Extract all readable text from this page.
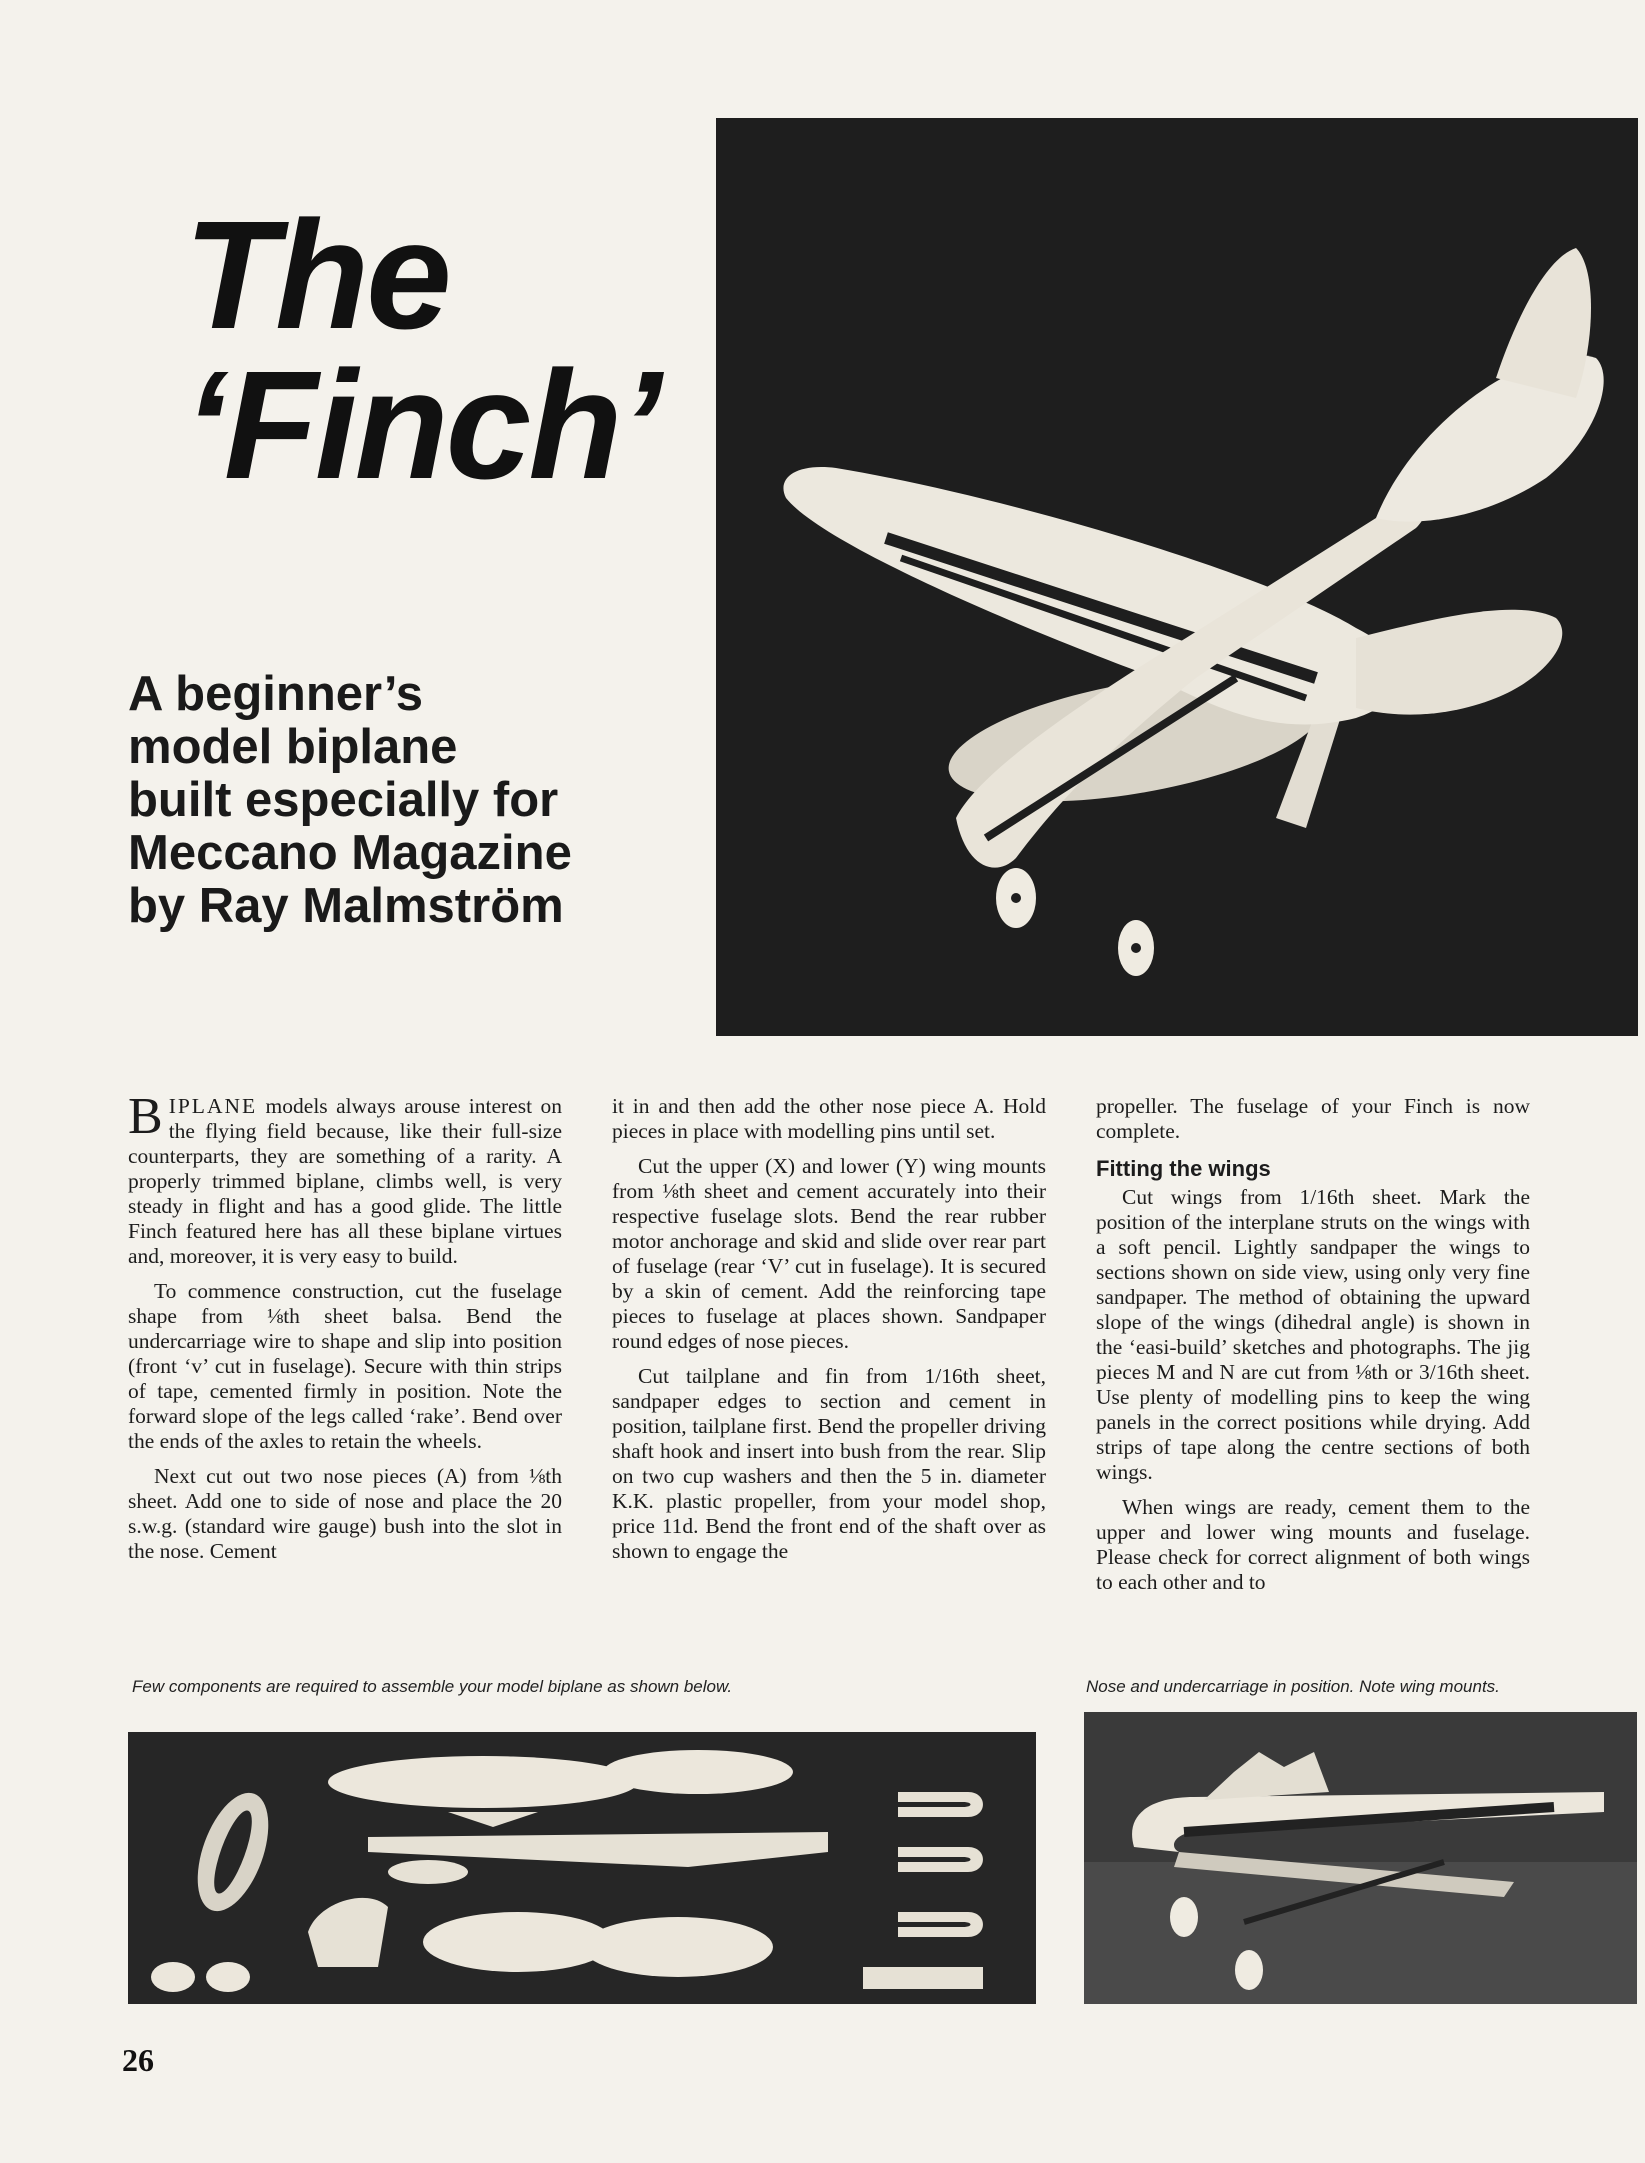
The
‘Finch’
A beginner’s
model biplane
built especially for
Meccano Magazine
by Ray Malmström

BIPLANE models always arouse interest on the flying field because, like their full-size counterparts, they are something of a rarity. A properly trimmed biplane, climbs well, is very steady in flight and has a good glide. The little Finch featured here has all these biplane virtues and, moreover, it is very easy to build.

To commence construction, cut the fuselage shape from ⅛th sheet balsa. Bend the undercarriage wire to shape and slip into position (front ‘v’ cut in fuselage). Secure with thin strips of tape, cemented firmly in position. Note the forward slope of the legs called ‘rake’. Bend over the ends of the axles to retain the wheels.

Next cut out two nose pieces (A) from ⅛th sheet. Add one to side of nose and place the 20 s.w.g. (standard wire gauge) bush into the slot in the nose. Cement

it in and then add the other nose piece A. Hold pieces in place with modelling pins until set.

Cut the upper (X) and lower (Y) wing mounts from ⅛th sheet and cement accurately into their respective fuselage slots. Bend the rear rubber motor anchorage and skid and slide over rear part of fuselage (rear ‘V’ cut in fuselage). It is secured by a skin of cement. Add the reinforcing tape pieces to fuselage at places shown. Sandpaper round edges of nose pieces.

Cut tailplane and fin from 1/16th sheet, sandpaper edges to section and cement in position, tailplane first. Bend the propeller driving shaft hook and insert into bush from the rear. Slip on two cup washers and then the 5 in. diameter K.K. plastic propeller, from your model shop, price 11d. Bend the front end of the shaft over as shown to engage the

propeller. The fuselage of your Finch is now complete.

Fitting the wings

Cut wings from 1/16th sheet. Mark the position of the interplane struts on the wings with a soft pencil. Lightly sandpaper the wings to sections shown on side view, using only very fine sandpaper. The method of obtaining the upward slope of the wings (dihedral angle) is shown in the ‘easi-build’ sketches and photographs. The jig pieces M and N are cut from ⅛th or 3/16th sheet. Use plenty of modelling pins to keep the wing panels in the correct positions while drying. Add strips of tape along the centre sections of both wings.

When wings are ready, cement them to the upper and lower wing mounts and fuselage. Please check for correct alignment of both wings to each other and to

Few components are required to assemble your model biplane as shown below.	Nose and undercarriage in position. Note wing mounts.
26
